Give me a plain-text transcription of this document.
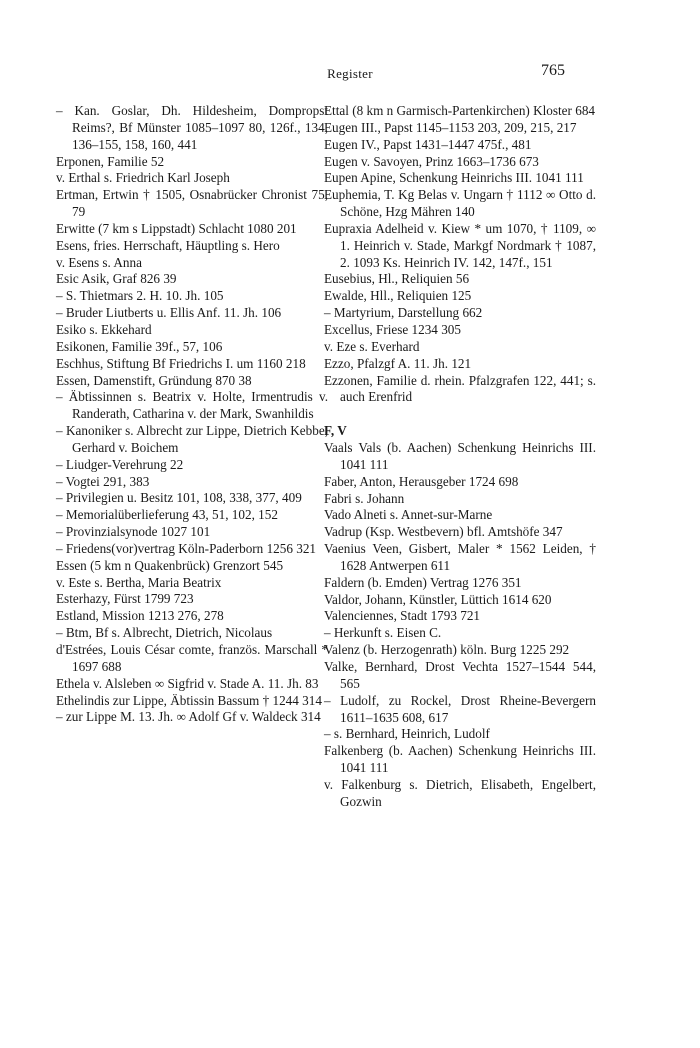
Register	765

– Kan. Goslar, Dh. Hildesheim, Dompropst Reims?, Bf Münster 1085–1097 80, 126f., 134, 136–155, 158, 160, 441

Erponen, Familie 52

v. Erthal s. Friedrich Karl Joseph

Ertman, Ertwin † 1505, Osnabrücker Chronist 75, 79

Erwitte (7 km s Lippstadt) Schlacht 1080 201

Esens, fries. Herrschaft, Häuptling s. Hero

v. Esens s. Anna

Esic Asik, Graf 826 39

– S. Thietmars 2. H. 10. Jh. 105

– Bruder Liutberts u. Ellis Anf. 11. Jh. 106

Esiko s. Ekkehard

Esikonen, Familie 39f., 57, 106

Eschhus, Stiftung Bf Friedrichs I. um 1160 218

Essen, Damenstift, Gründung 870 38

– Äbtissinnen s. Beatrix v. Holte, Irmentrudis v. Randerath, Catharina v. der Mark, Swanhildis

– Kanoniker s. Albrecht zur Lippe, Dietrich Kebbe, Gerhard v. Boichem

– Liudger-Verehrung 22

– Vogtei 291, 383

– Privilegien u. Besitz 101, 108, 338, 377, 409

– Memorialüberlieferung 43, 51, 102, 152

– Provinzialsynode 1027 101

– Friedens(vor)vertrag Köln-Paderborn 1256 321

Essen (5 km n Quakenbrück) Grenzort 545

v. Este s. Bertha, Maria Beatrix

Esterhazy, Fürst 1799 723

Estland, Mission 1213 276, 278

– Btm, Bf s. Albrecht, Dietrich, Nicolaus

d'Estrées, Louis César comte, französ. Marschall * 1697 688

Ethela v. Alsleben ∞ Sigfrid v. Stade A. 11. Jh. 83

Ethelindis zur Lippe, Äbtissin Bassum † 1244 314

– zur Lippe M. 13. Jh. ∞ Adolf Gf v. Waldeck 314

Ettal (8 km n Garmisch-Partenkirchen) Kloster 684

Eugen III., Papst 1145–1153 203, 209, 215, 217

Eugen IV., Papst 1431–1447 475f., 481

Eugen v. Savoyen, Prinz 1663–1736 673

Eupen Apine, Schenkung Heinrichs III. 1041 111

Euphemia, T. Kg Belas v. Ungarn † 1112 ∞ Otto d. Schöne, Hzg Mähren 140

Eupraxia Adelheid v. Kiew * um 1070, † 1109, ∞ 1. Heinrich v. Stade, Markgf Nordmark † 1087, 2. 1093 Ks. Heinrich IV. 142, 147f., 151

Eusebius, Hl., Reliquien 56

Ewalde, Hll., Reliquien 125

– Martyrium, Darstellung 662

Excellus, Friese 1234 305

v. Eze s. Everhard

Ezzo, Pfalzgf A. 11. Jh. 121

Ezzonen, Familie d. rhein. Pfalzgrafen 122, 441; s. auch Erenfrid

F, V

Vaals Vals (b. Aachen) Schenkung Heinrichs III. 1041 111

Faber, Anton, Herausgeber 1724 698

Fabri s. Johann

Vado Alneti s. Annet-sur-Marne

Vadrup (Ksp. Westbevern) bfl. Amtshöfe 347

Vaenius Veen, Gisbert, Maler * 1562 Leiden, † 1628 Antwerpen 611

Faldern (b. Emden) Vertrag 1276 351

Valdor, Johann, Künstler, Lüttich 1614 620

Valenciennes, Stadt 1793 721

– Herkunft s. Eisen C.

Valenz (b. Herzogenrath) köln. Burg 1225 292

Valke, Bernhard, Drost Vechta 1527–1544 544, 565

– Ludolf, zu Rockel, Drost Rheine-Bevergern 1611–1635 608, 617

– s. Bernhard, Heinrich, Ludolf

Falkenberg (b. Aachen) Schenkung Heinrichs III. 1041 111

v. Falkenburg s. Dietrich, Elisabeth, Engelbert, Gozwin
